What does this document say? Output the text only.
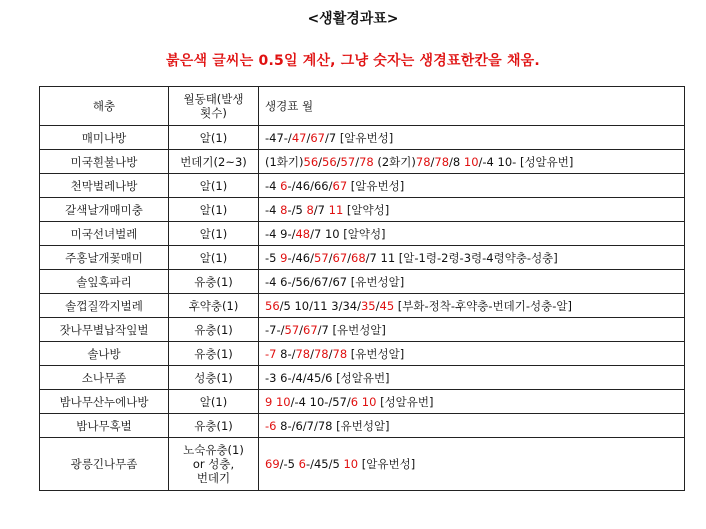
<생활경과표>
붉은색 글씨는 0.5일 계산, 그냥 숫자는 생경표한칸을 채움.
해충	월동태(발생
횟수)	생경표 월
매미나방	알(1)	-47-/47/67/7 [알유번성]
미국흰불나방	번데기(2~3)	(1화기)56/56/57/78 (2화기)78/78/8 10/-4 10- [성알유번]
천막벌레나방	알(1)	-4 6-/46/66/67 [알유번성]
갈색날개매미충	알(1)	-4 8-/5 8/7 11 [알약성]
미국선녀벌레	알(1)	-4 9-/48/7 10 [알약성]
주홍날개꽃매미	알(1)	-5 9-/46/57/67/68/7 11 [알-1령-2령-3령-4령약충-성충]
솔잎혹파리	유충(1)	-4 6-/56/67/67 [유번성알]
솔껍질깍지벌레	후약충(1)	56/5 10/11 3/34/35/45 [부화-정착-후약충-번데기-성충-알]
잣나무별납작잎벌	유충(1)	-7-/57/67/7 [유번성알]
솔나방	유충(1)	-7 8-/78/78/78 [유번성알]
소나무좀	성충(1)	-3 6-/4/45/6 [성알유번]
밤나무산누에나방	알(1)	9 10/-4 10-/57/6 10 [성알유번]
밤나무혹벌	유충(1)	-6 8-/6/7/78 [유번성알]
광릉긴나무좀	노숙유충(1)
or 성충,
번데기	69/-5 6-/45/5 10 [알유번성]
